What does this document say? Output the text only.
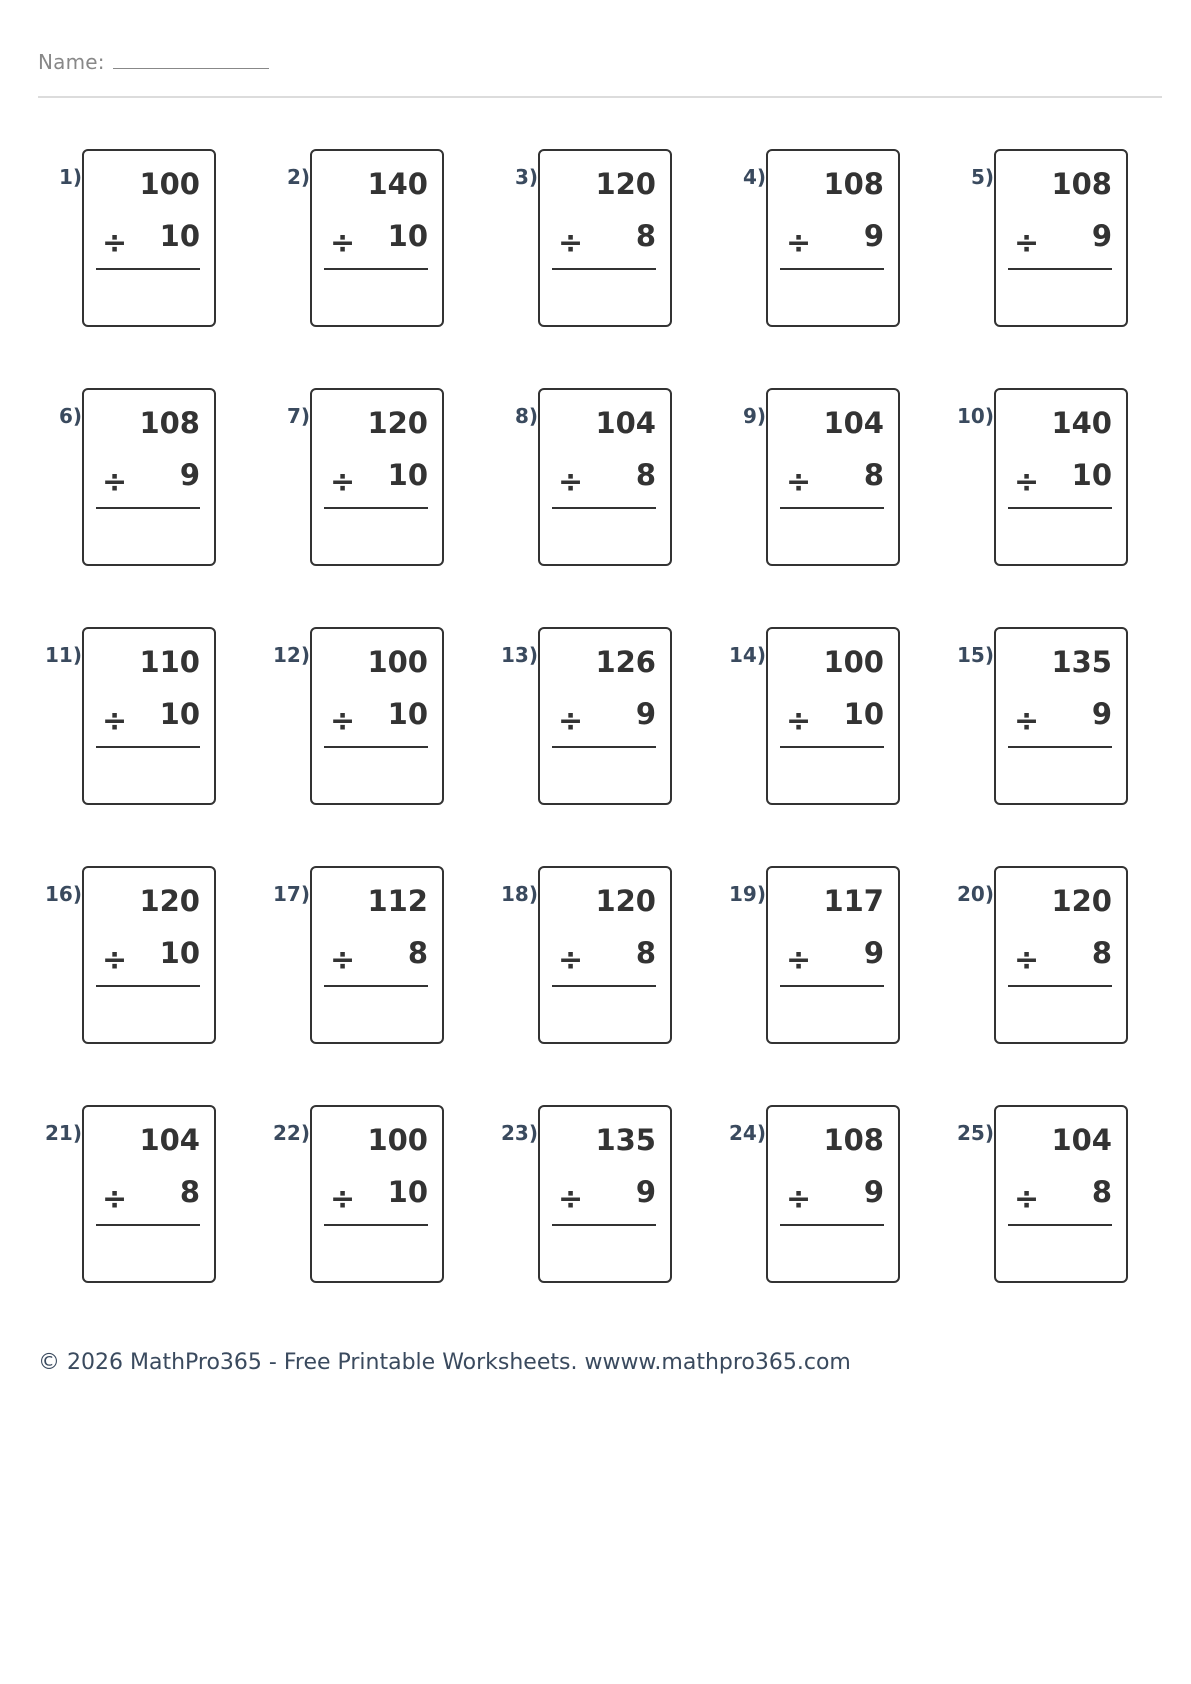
Name:
1) 100
10
÷
2) 140
10
÷
3) 120
8
÷
4) 108
9
÷
5) 108
9
÷
6) 108
9
÷
7) 120
10
÷
8) 104
8
÷
9) 104
8
÷
10) 140
10
÷
11) 110
10
÷
12) 100
10
÷
13) 126
9
÷
14) 100
10
÷
15) 135
9
÷
16) 120
10
÷
17) 112
8
÷
18) 120
8
÷
19) 117
9
÷
20) 120
8
÷
21) 104
8
÷
22) 100
10
÷
23) 135
9
÷
24) 108
9
÷
25) 104
8
÷
© 2026 MathPro365 - Free Printable Worksheets. wwww.mathpro365.com
